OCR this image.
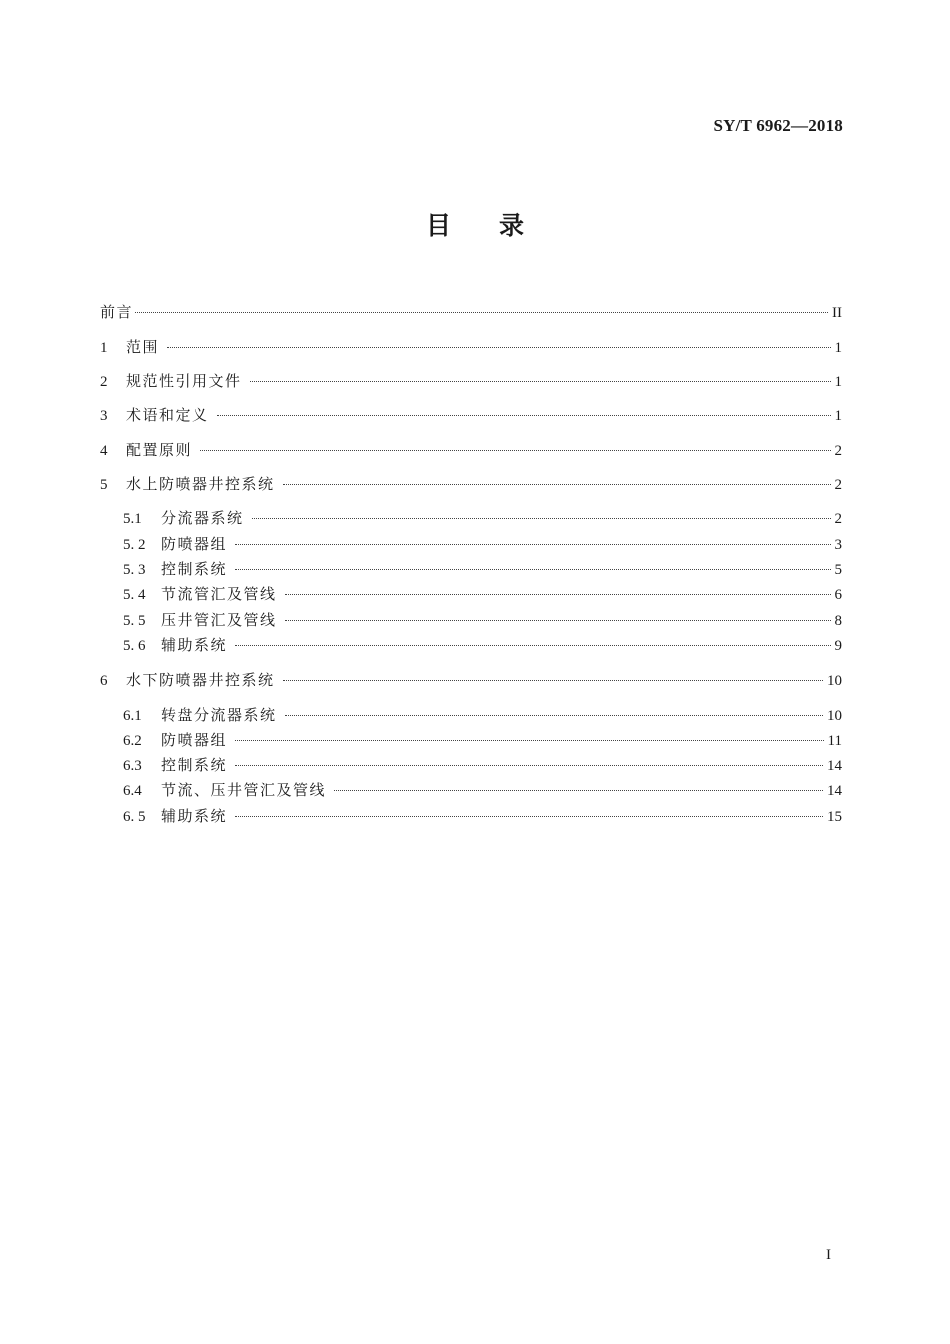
SY/T 6962—2018
目录
前言	II
1	范围	1
2	规范性引用文件	1
3	术语和定义	1
4	配置原则	2
5	水上防喷器井控系统	2
5.1	分流器系统	2
5. 2	防喷器组	3
5. 3	控制系统	5
5. 4	节流管汇及管线	6
5. 5	压井管汇及管线	8
5. 6	辅助系统	9
6	水下防喷器井控系统	10
6.1	转盘分流器系统	10
6.2	防喷器组	11
6.3	控制系统	14
6.4	节流、压井管汇及管线	14
6. 5	辅助系统	15
I
